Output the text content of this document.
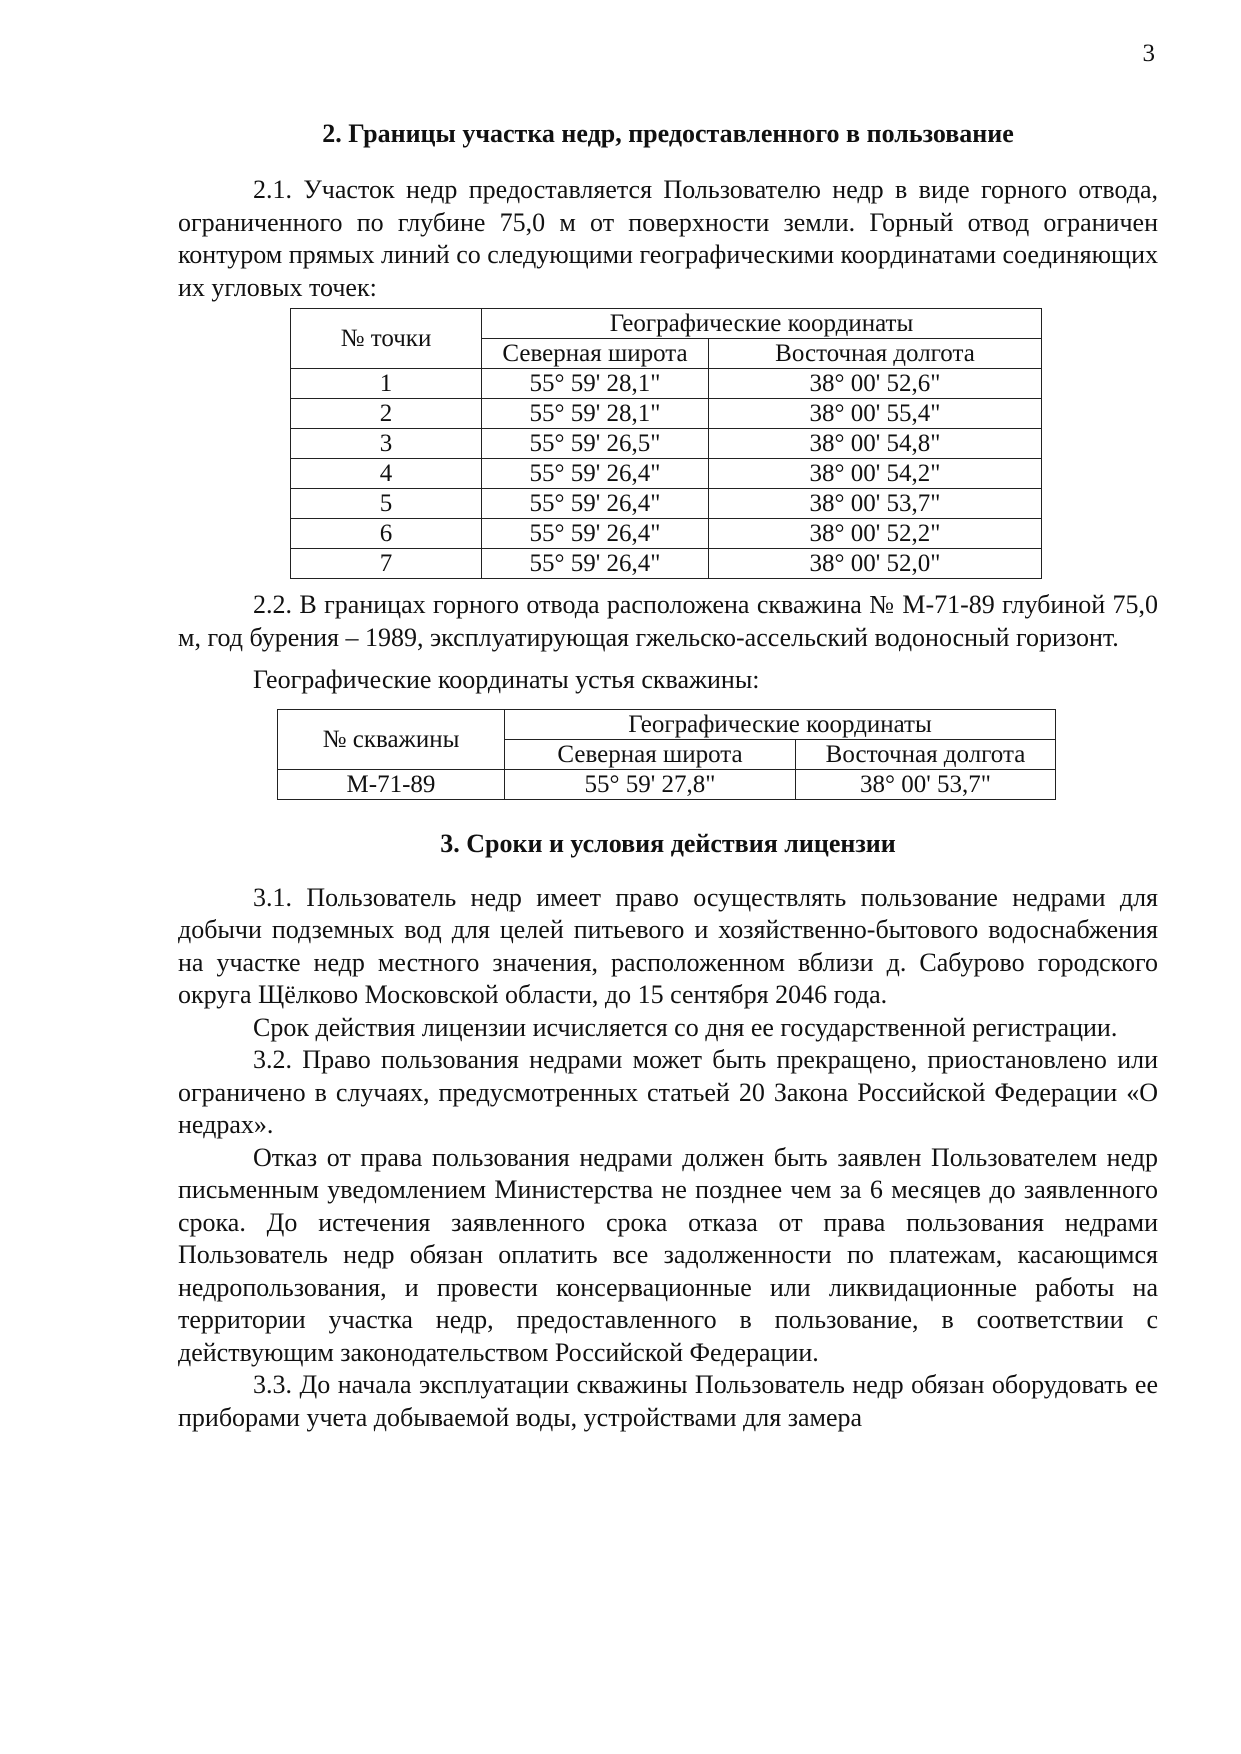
3
2. Границы участка недр, предоставленного в пользование

2.1. Участок недр предоставляется Пользователю недр в виде горного отвода, ограниченного по глубине 75,0 м от поверхности земли. Горный отвод ограничен контуром прямых линий со следующими географическими координатами соединяющих их угловых точек:

№ точки	Географические координаты	
	Северная широта	Восточная долгота
1	55° 59' 28,1"	38° 00' 52,6"
2	55° 59' 28,1"	38° 00' 55,4"
3	55° 59' 26,5"	38° 00' 54,8"
4	55° 59' 26,4"	38° 00' 54,2"
5	55° 59' 26,4"	38° 00' 53,7"
6	55° 59' 26,4"	38° 00' 52,2"
7	55° 59' 26,4"	38° 00' 52,0"

2.2. В границах горного отвода расположена скважина № М-71-89 глубиной 75,0 м, год бурения – 1989, эксплуатирующая гжельско-ассельский водоносный горизонт.

Географические координаты устья скважины:

№ скважины	Географические координаты	
	Северная широта	Восточная долгота
М-71-89	55° 59' 27,8"	38° 00' 53,7"
3. Сроки и условия действия лицензии

3.1. Пользователь недр имеет право осуществлять пользование недрами для добычи подземных вод для целей питьевого и хозяйственно-бытового водоснабжения на участке недр местного значения, расположенном вблизи д. Сабурово городского округа Щёлково Московской области, до 15 сентября 2046 года.

Срок действия лицензии исчисляется со дня ее государственной регистрации.

3.2. Право пользования недрами может быть прекращено, приостановлено или ограничено в случаях, предусмотренных статьей 20 Закона Российской Федерации «О недрах».

Отказ от права пользования недрами должен быть заявлен Пользователем недр письменным уведомлением Министерства не позднее чем за 6 месяцев до заявленного срока. До истечения заявленного срока отказа от права пользования недрами Пользователь недр обязан оплатить все задолженности по платежам, касающимся недропользования, и провести консервационные или ликвидационные работы на территории участка недр, предоставленного в пользование, в соответствии с действующим законодательством Российской Федерации.

3.3. До начала эксплуатации скважины Пользователь недр обязан оборудовать ее приборами учета добываемой воды, устройствами для замера
